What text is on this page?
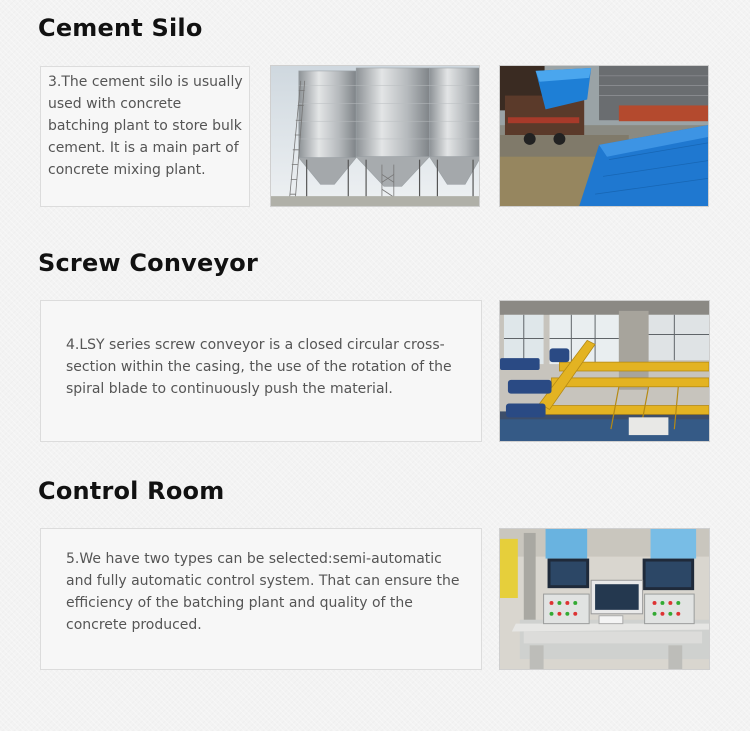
Cement Silo
3.The cement silo is usually used with concrete batching plant to store bulk cement. It is a main part of concrete mixing plant.
Screw Conveyor
4.LSY series screw conveyor is a closed circular cross-section within the casing, the use of the rotation of the spiral blade to continuously push the material.
Control Room
5.We have two types can be selected:semi-automatic and fully automatic control system. That can ensure the efficiency of the batching plant and quality of the concrete produced.
